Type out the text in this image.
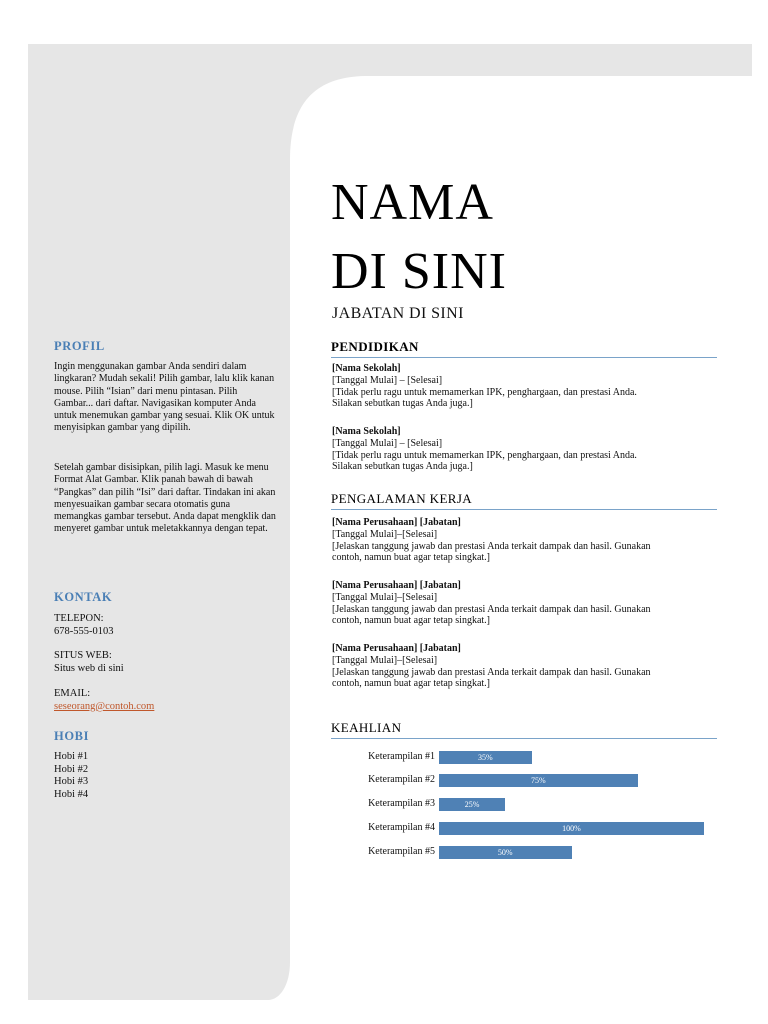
PROFIL
Ingin menggunakan gambar Anda sendiri dalam lingkaran? Mudah sekali! Pilih gambar, lalu klik kanan mouse. Pilih “Isian” dari menu pintasan. Pilih Gambar... dari daftar. Navigasikan komputer Anda untuk menemukan gambar yang sesuai. Klik OK untuk menyisipkan gambar yang dipilih.
Setelah gambar disisipkan, pilih lagi. Masuk ke menu Format Alat Gambar. Klik panah bawah di bawah “Pangkas” dan pilih “Isi” dari daftar. Tindakan ini akan menyesuaikan gambar secara otomatis guna memangkas gambar tersebut. Anda dapat mengklik dan menyeret gambar untuk meletakkannya dengan tepat.
KONTAK
TELEPON:
678-555-0103
SITUS WEB:
Situs web di sini
EMAIL:
seseorang@contoh.com
HOBI
Hobi #1
Hobi #2
Hobi #3
Hobi #4
NAMA
DI SINI
JABATAN DI SINI
PENDIDIKAN
[Nama Sekolah]
[Tanggal Mulai] – [Selesai]
[Tidak perlu ragu untuk memamerkan IPK, penghargaan, dan prestasi Anda.
Silakan sebutkan tugas Anda juga.]
[Nama Sekolah]
[Tanggal Mulai] – [Selesai]
[Tidak perlu ragu untuk memamerkan IPK, penghargaan, dan prestasi Anda.
Silakan sebutkan tugas Anda juga.]
PENGALAMAN KERJA
[Nama Perusahaan] [Jabatan]
[Tanggal Mulai]–[Selesai]
[Jelaskan tanggung jawab dan prestasi Anda terkait dampak dan hasil. Gunakan
contoh, namun buat agar tetap singkat.]
[Nama Perusahaan] [Jabatan]
[Tanggal Mulai]–[Selesai]
[Jelaskan tanggung jawab dan prestasi Anda terkait dampak dan hasil. Gunakan
contoh, namun buat agar tetap singkat.]
[Nama Perusahaan] [Jabatan]
[Tanggal Mulai]–[Selesai]
[Jelaskan tanggung jawab dan prestasi Anda terkait dampak dan hasil. Gunakan
contoh, namun buat agar tetap singkat.]
KEAHLIAN
Keterampilan #1	35%
Keterampilan #2	75%
Keterampilan #3	25%
Keterampilan #4	100%
Keterampilan #5	50%
